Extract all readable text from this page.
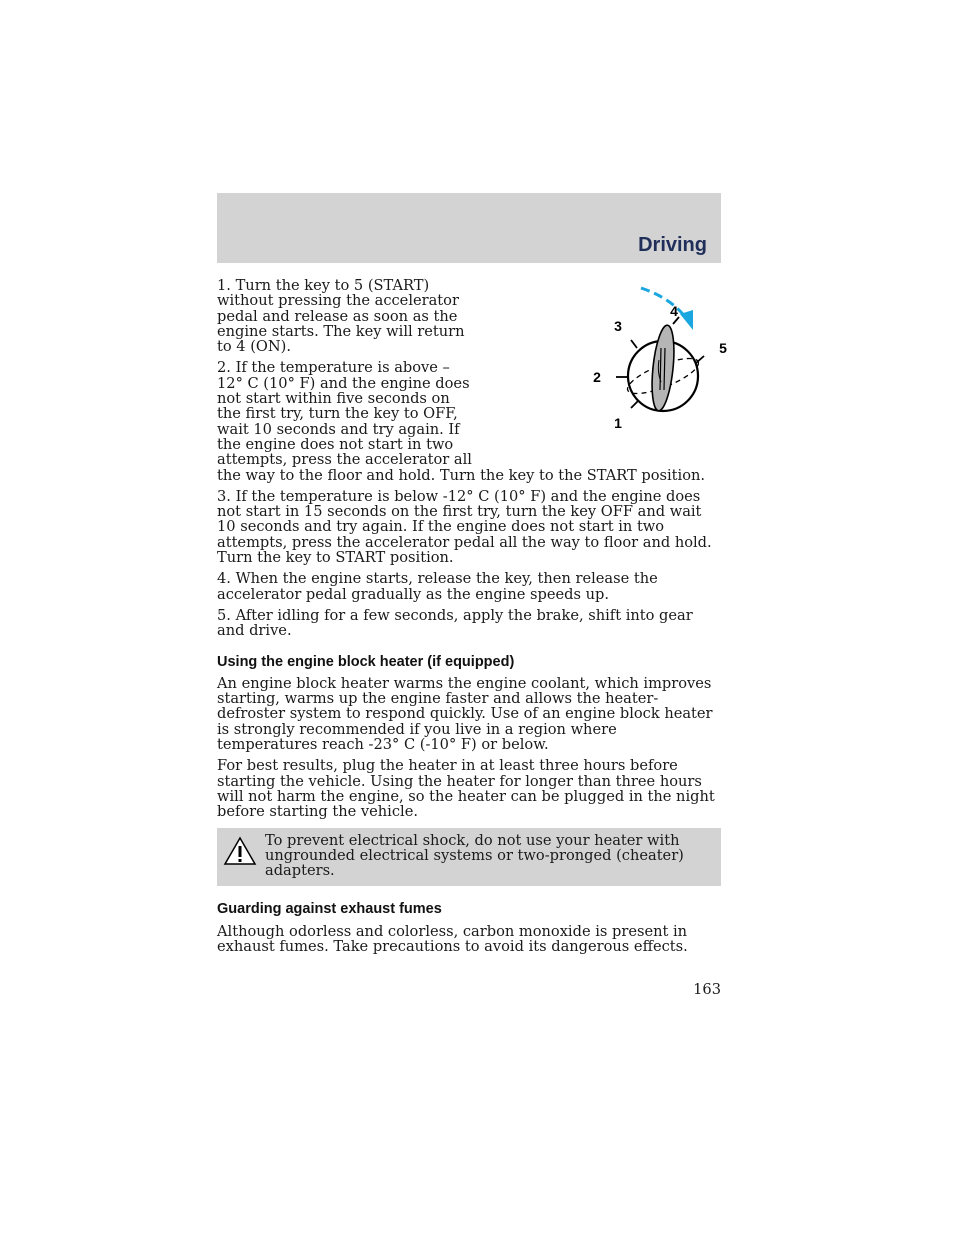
Driving
1
2
3
4
5

1. Turn the key to 5 (START) without pressing the accelerator pedal and release as soon as the engine starts. The key will return to 4 (ON).

2. If the temperature is above –12° C (10° F) and the engine does not start within five seconds on the first try, turn the key to OFF, wait 10 seconds and try again. If the engine does not start in two attempts, press the accelerator all the way to the floor and hold. Turn the key to the START position.

3. If the temperature is below -12° C (10° F) and the engine does not start in 15 seconds on the first try, turn the key OFF and wait 10 seconds and try again. If the engine does not start in two attempts, press the accelerator pedal all the way to floor and hold. Turn the key to START position.

4. When the engine starts, release the key, then release the accelerator pedal gradually as the engine speeds up.

5. After idling for a few seconds, apply the brake, shift into gear and drive.

Using the engine block heater (if equipped)

An engine block heater warms the engine coolant, which improves starting, warms up the engine faster and allows the heater-defroster system to respond quickly. Use of an engine block heater is strongly recommended if you live in a region where temperatures reach -23° C (-10° F) or below.

For best results, plug the heater in at least three hours before starting the vehicle. Using the heater for longer than three hours will not harm the engine, so the heater can be plugged in the night before starting the vehicle.

To prevent electrical shock, do not use your heater with ungrounded electrical systems or two-pronged (cheater) adapters.
Guarding against exhaust fumes

Although odorless and colorless, carbon monoxide is present in exhaust fumes. Take precautions to avoid its dangerous effects.

163
